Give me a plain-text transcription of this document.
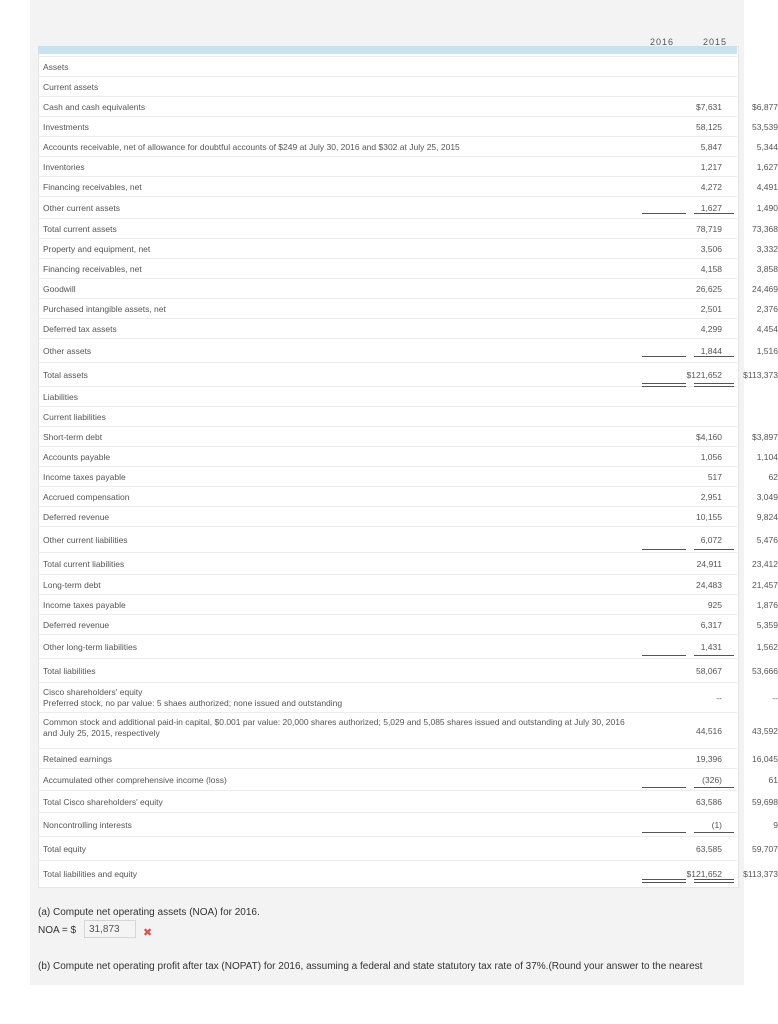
2016	2015
Assets
Current assets
Cash and cash equivalents	$7,631	$6,877
Investments	58,125	53,539
Accounts receivable, net of allowance for doubtful accounts of $249 at July 30, 2016 and $302 at July 25, 2015	5,847	5,344
Inventories	1,217	1,627
Financing receivables, net	4,272	4,491
Other current assets	1,627	1,490
Total current assets	78,719	73,368
Property and equipment, net	3,506	3,332
Financing receivables, net	4,158	3,858
Goodwill	26,625	24,469
Purchased intangible assets, net	2,501	2,376
Deferred tax assets	4,299	4,454
Other assets	1,844	1,516
Total assets	$121,652	$113,373
Liabilities
Current liabilities
Short-term debt	$4,160	$3,897
Accounts payable	1,056	1,104
Income taxes payable	517	62
Accrued compensation	2,951	3,049
Deferred revenue	10,155	9,824
Other current liabilities	6,072	5,476
Total current liabilities	24,911	23,412
Long-term debt	24,483	21,457
Income taxes payable	925	1,876
Deferred revenue	6,317	5,359
Other long-term liabilities	1,431	1,562
Total liabilities	58,067	53,666
Cisco shareholders' equity
Preferred stock, no par value: 5 shaes authorized; none issued and outstanding	--	--
Common stock and additional paid-in capital, $0.001 par value: 20,000 shares authorized; 5,029 and 5,085 shares issued and outstanding at July 30, 2016 and July 25, 2015, respectively	44,516	43,592
Retained earnings	19,396	16,045
Accumulated other comprehensive income (loss)	(326)	61
Total Cisco shareholders' equity	63,586	59,698
Noncontrolling interests	(1)	9
Total equity	63,585	59,707
Total liabilities and equity	$121,652	$113,373
(a) Compute net operating assets (NOA) for 2016.
NOA = $
31,873	✖
(b) Compute net operating profit after tax (NOPAT) for 2016, assuming a federal and state statutory tax rate of 37%.(Round your answer to the nearest
